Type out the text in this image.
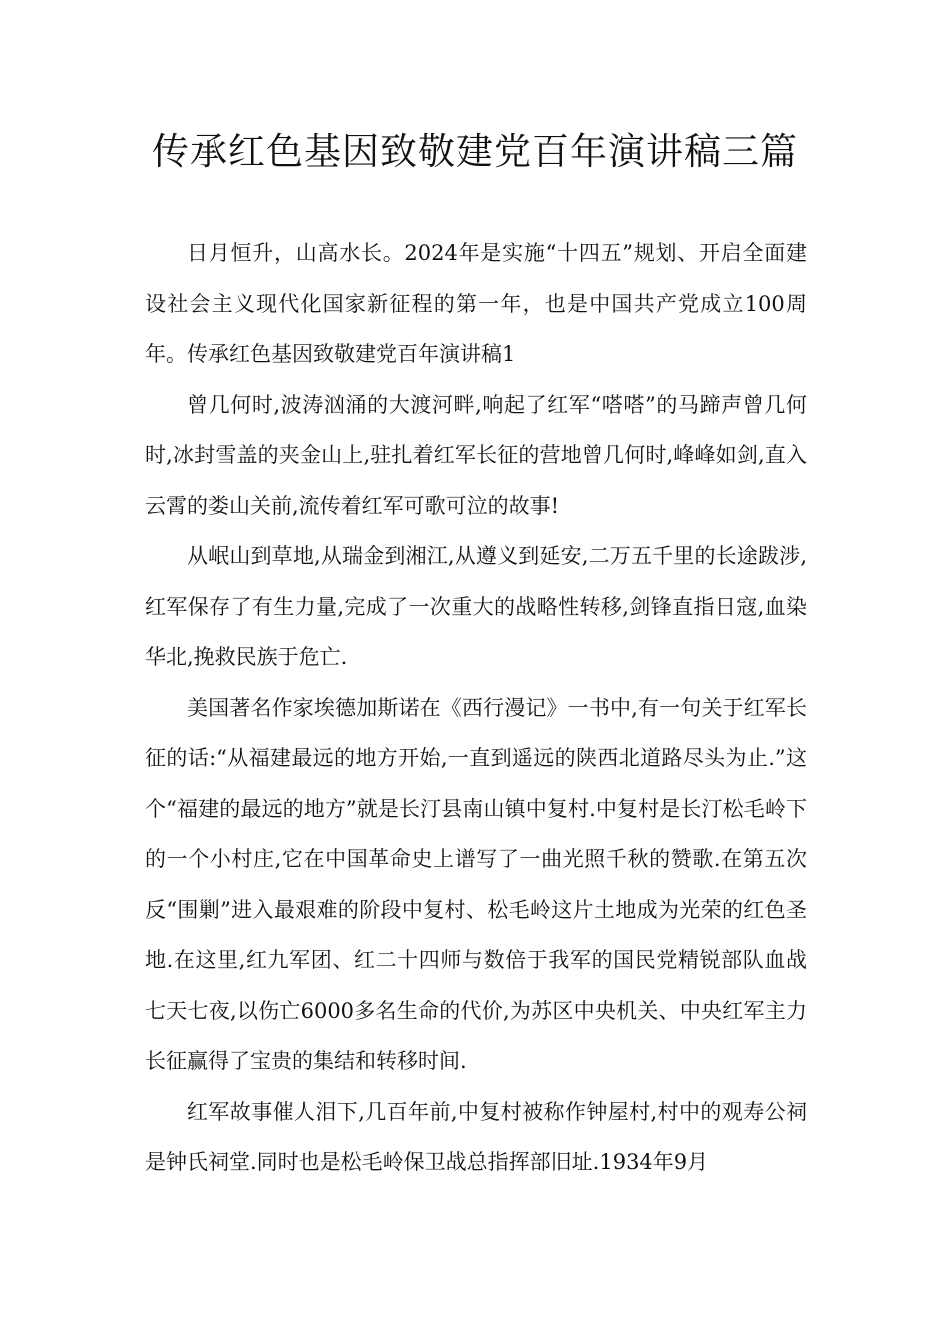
传承红色基因致敬建党百年演讲稿三篇

日月恒升，山高水长。2024年是实施“十四五”规划、开启全面建设社会主义现代化国家新征程的第一年，也是中国共产党成立100周年。传承红色基因致敬建党百年演讲稿1

曾几何时,波涛汹涌的大渡河畔,响起了红军“嗒嗒”的马蹄声曾几何时,冰封雪盖的夹金山上,驻扎着红军长征的营地曾几何时,峰峰如剑,直入云霄的娄山关前,流传着红军可歌可泣的故事!

从岷山到草地,从瑞金到湘江,从遵义到延安,二万五千里的长途跋涉,红军保存了有生力量,完成了一次重大的战略性转移,剑锋直指日寇,血染华北,挽救民族于危亡.

美国著名作家埃德加斯诺在《西行漫记》一书中,有一句关于红军长征的话:“从福建最远的地方开始,一直到遥远的陕西北道路尽头为止.”这个“福建的最远的地方”就是长汀县南山镇中复村.中复村是长汀松毛岭下的一个小村庄,它在中国革命史上谱写了一曲光照千秋的赞歌.在第五次反“围剿”进入最艰难的阶段中复村、松毛岭这片土地成为光荣的红色圣地.在这里,红九军团、红二十四师与数倍于我军的国民党精锐部队血战七天七夜,以伤亡6000多名生命的代价,为苏区中央机关、中央红军主力长征赢得了宝贵的集结和转移时间.

红军故事催人泪下,几百年前,中复村被称作钟屋村,村中的观寿公祠是钟氏祠堂.同时也是松毛岭保卫战总指挥部旧址.1934年9月
